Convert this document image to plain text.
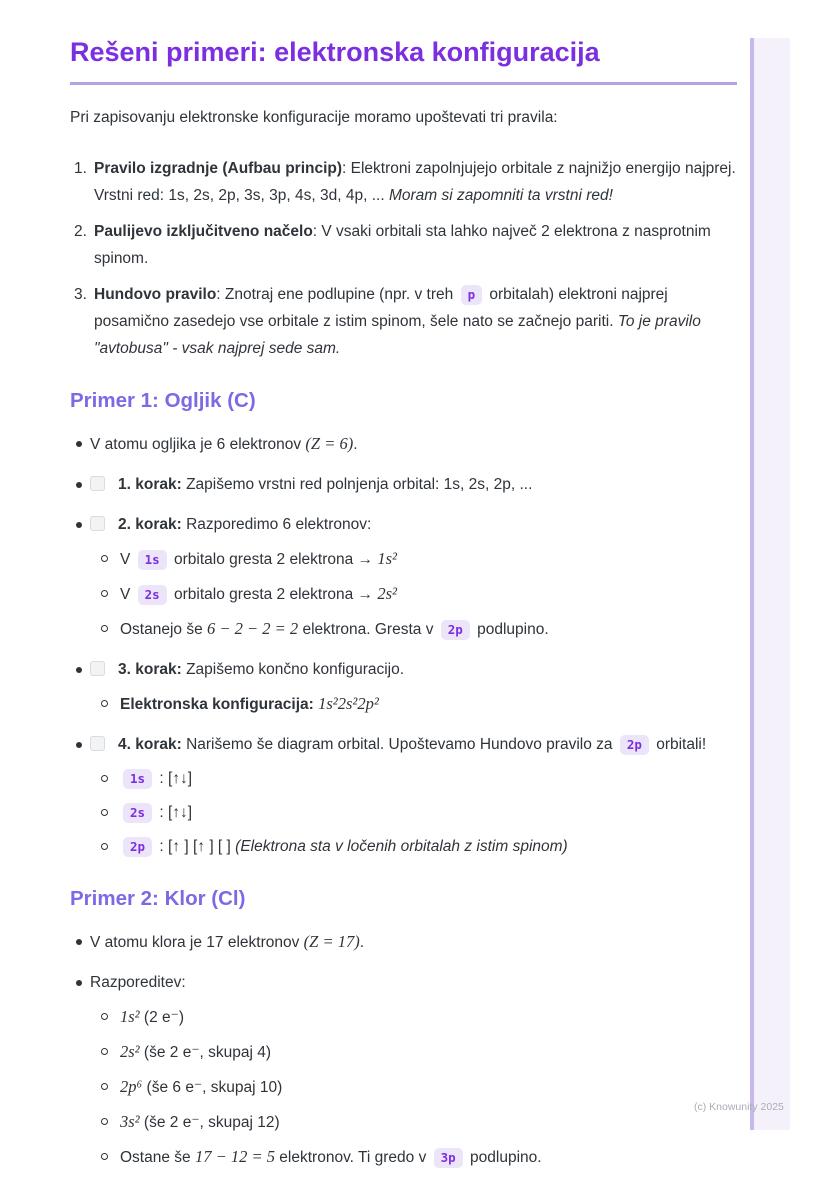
Rešeni primeri: elektronska konfiguracija

Pri zapisovanju elektronske konfiguracije moramo upoštevati tri pravila:

1. Pravilo izgradnje (Aufbau princip): Elektroni zapolnjujejo orbitale z najnižjo energijo najprej. Vrstni red: 1s, 2s, 2p, 3s, 3p, 4s, 3d, 4p, ... Moram si zapomniti ta vrstni red!
2. Paulijevo izključitveno načelo: V vsaki orbitali sta lahko največ 2 elektrona z nasprotnim spinom.
3. Hundovo pravilo: Znotraj ene podlupine (npr. v treh p orbitalah) elektroni najprej posamično zasedejo vse orbitale z istim spinom, šele nato se začnejo pariti. To je pravilo "avtobusa" - vsak najprej sede sam.
Primer 1: Ogljik (C)
V atomu ogljika je 6 elektronov (Z = 6).
1. korak: Zapišemo vrstni red polnjenja orbital: 1s, 2s, 2p, ...
2. korak: Razporedimo 6 elektronov:
V 1s orbitalo gresta 2 elektrona → 1s²
V 2s orbitalo gresta 2 elektrona → 2s²
Ostanejo še 6 − 2 − 2 = 2 elektrona. Gresta v 2p podlupino.
3. korak: Zapišemo končno konfiguracijo.
Elektronska konfiguracija: 1s²2s²2p²
4. korak: Narišemo še diagram orbital. Upoštevamo Hundovo pravilo za 2p orbitali!
1s : [↑↓]
2s : [↑↓]
2p : [↑ ] [↑ ] [ ] (Elektrona sta v ločenih orbitalah z istim spinom)
Primer 2: Klor (Cl)
V atomu klora je 17 elektronov (Z = 17).
Razporeditev:
1s² (2 e⁻)
2s² (še 2 e⁻, skupaj 4)
2p⁶ (še 6 e⁻, skupaj 10)
3s² (še 2 e⁻, skupaj 12)
Ostane še 17 − 12 = 5 elektronov. Ti gredo v 3p podlupino.
(c) Knowunity 2025
